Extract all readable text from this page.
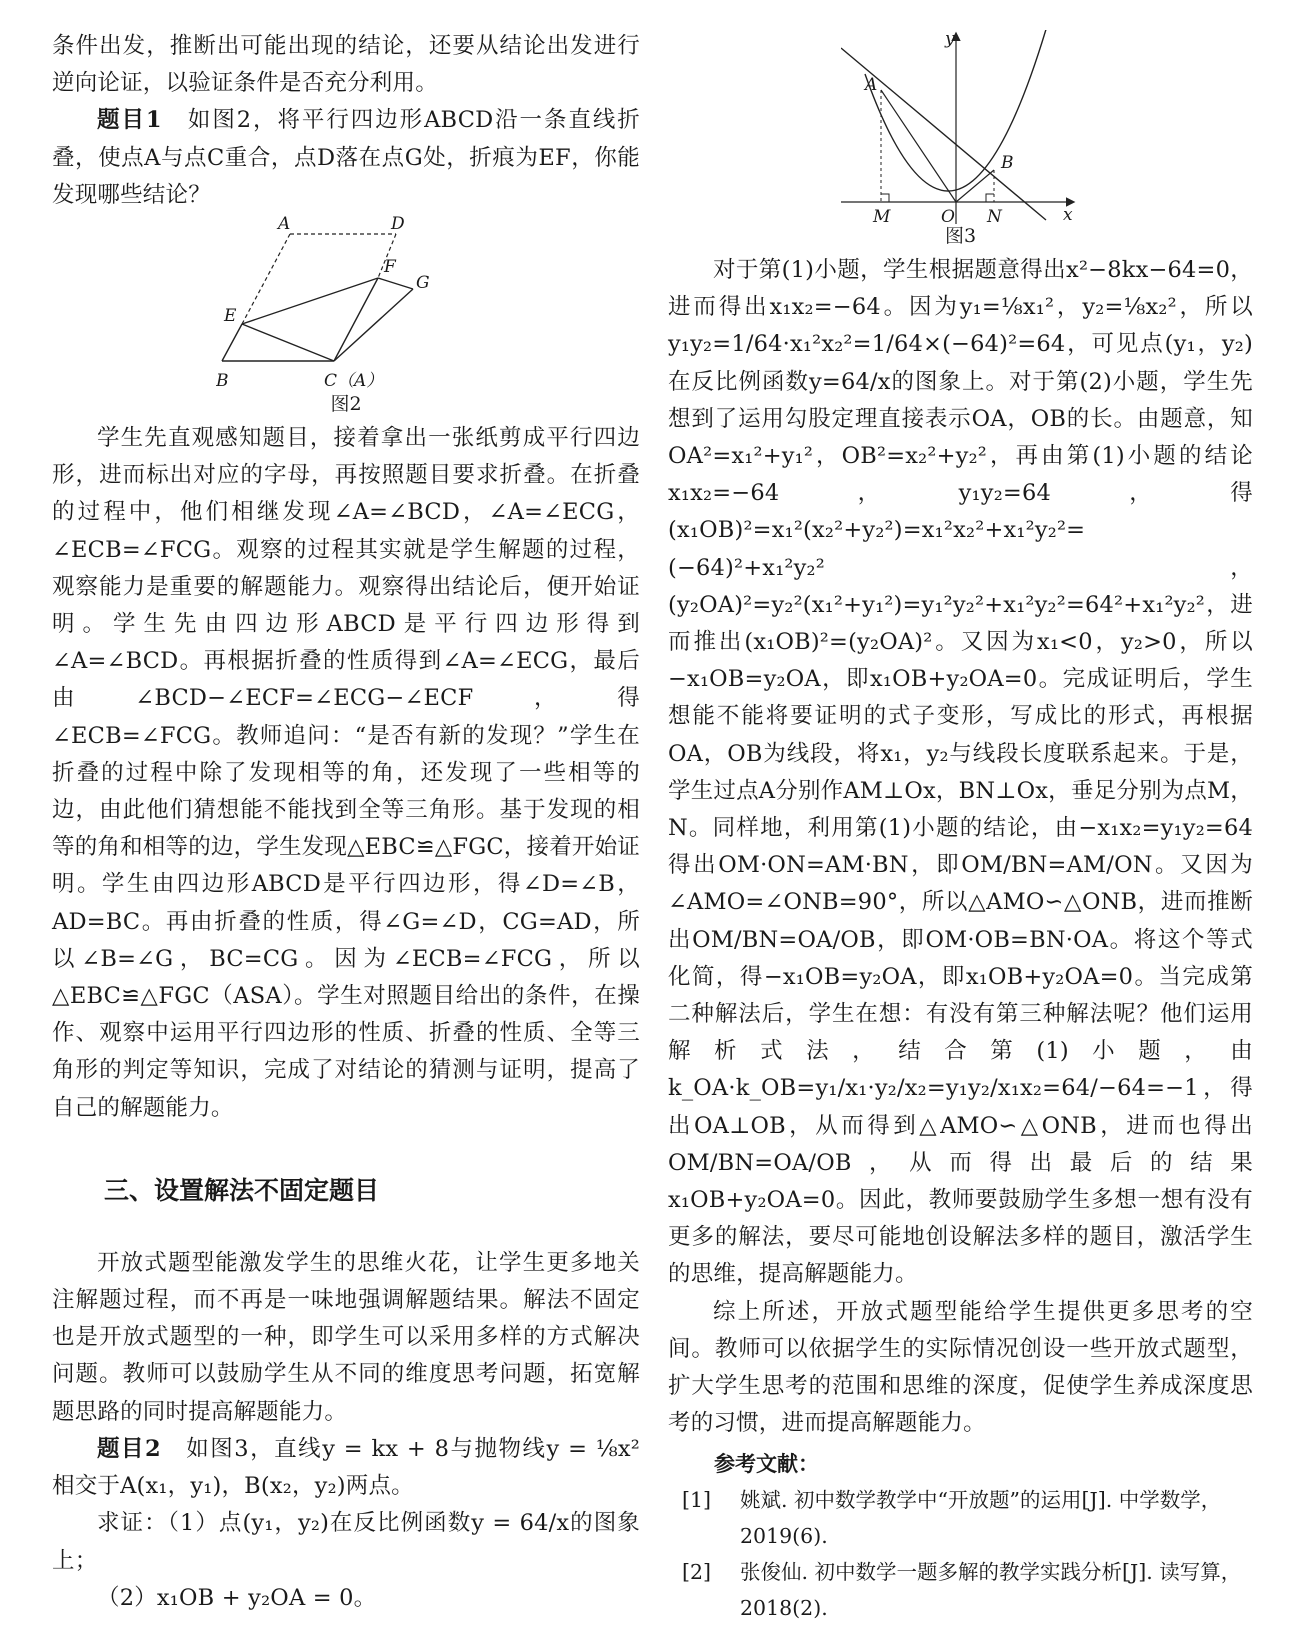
条件出发，推断出可能出现的结论，还要从结论出发进行逆向论证，以验证条件是否充分利用。

题目1　如图2，将平行四边形ABCD沿一条直线折叠，使点A与点C重合，点D落在点G处，折痕为EF，你能发现哪些结论？

A	D
F
G
E
B	C（A）
图2

学生先直观感知题目，接着拿出一张纸剪成平行四边形，进而标出对应的字母，再按照题目要求折叠。在折叠的过程中，他们相继发现∠A=∠BCD，∠A=∠ECG，∠ECB=∠FCG。观察的过程其实就是学生解题的过程，观察能力是重要的解题能力。观察得出结论后，便开始证明。学生先由四边形ABCD是平行四边形得到∠A=∠BCD。再根据折叠的性质得到∠A=∠ECG，最后由∠BCD−∠ECF=∠ECG−∠ECF，得∠ECB=∠FCG。教师追问：“是否有新的发现？”学生在折叠的过程中除了发现相等的角，还发现了一些相等的边，由此他们猜想能不能找到全等三角形。基于发现的相等的角和相等的边，学生发现△EBC≌△FGC，接着开始证明。学生由四边形ABCD是平行四边形，得∠D=∠B，AD=BC。再由折叠的性质，得∠G=∠D，CG=AD，所以∠B=∠G，BC=CG。因为∠ECB=∠FCG，所以△EBC≌△FGC（ASA）。学生对照题目给出的条件，在操作、观察中运用平行四边形的性质、折叠的性质、全等三角形的判定等知识，完成了对结论的猜测与证明，提高了自己的解题能力。

三、设置解法不固定题目

开放式题型能激发学生的思维火花，让学生更多地关注解题过程，而不再是一味地强调解题结果。解法不固定也是开放式题型的一种，即学生可以采用多样的方式解决问题。教师可以鼓励学生从不同的维度思考问题，拓宽解题思路的同时提高解题能力。

题目2　如图3，直线y = kx + 8与抛物线y = ⅛x² 相交于A(x₁，y₁)，B(x₂，y₂)两点。

求证：（1）点(y₁，y₂)在反比例函数y = 64/x的图象上；

（2）x₁OB + y₂OA = 0。

y
x
A
B
M	O N
图3

对于第(1)小题，学生根据题意得出x²−8kx−64=0，进而得出x₁x₂=−64。因为y₁=⅛x₁²，y₂=⅛x₂²，所以y₁y₂=1/64·x₁²x₂²=1/64×(−64)²=64，可见点(y₁，y₂)在反比例函数y=64/x的图象上。对于第(2)小题，学生先想到了运用勾股定理直接表示OA，OB的长。由题意，知OA²=x₁²+y₁²，OB²=x₂²+y₂²，再由第(1)小题的结论x₁x₂=−64，y₁y₂=64，得(x₁OB)²=x₁²(x₂²+y₂²)=x₁²x₂²+x₁²y₂²=(−64)²+x₁²y₂²，(y₂OA)²=y₂²(x₁²+y₁²)=y₁²y₂²+x₁²y₂²=64²+x₁²y₂²，进而推出(x₁OB)²=(y₂OA)²。又因为x₁<0，y₂>0，所以−x₁OB=y₂OA，即x₁OB+y₂OA=0。完成证明后，学生想能不能将要证明的式子变形，写成比的形式，再根据OA，OB为线段，将x₁，y₂与线段长度联系起来。于是，学生过点A分别作AM⊥Ox，BN⊥Ox，垂足分别为点M，N。同样地，利用第(1)小题的结论，由−x₁x₂=y₁y₂=64得出OM·ON=AM·BN，即OM/BN=AM/ON。又因为∠AMO=∠ONB=90°，所以△AMO∽△ONB，进而推断出OM/BN=OA/OB，即OM·OB=BN·OA。将这个等式化简，得−x₁OB=y₂OA，即x₁OB+y₂OA=0。当完成第二种解法后，学生在想：有没有第三种解法呢？他们运用解析式法，结合第(1)小题，由k_OA·k_OB=y₁/x₁·y₂/x₂=y₁y₂/x₁x₂=64/−64=−1，得出OA⊥OB，从而得到△AMO∽△ONB，进而也得出OM/BN=OA/OB，从而得出最后的结果x₁OB+y₂OA=0。因此，教师要鼓励学生多想一想有没有更多的解法，要尽可能地创设解法多样的题目，激活学生的思维，提高解题能力。

综上所述，开放式题型能给学生提供更多思考的空间。教师可以依据学生的实际情况创设一些开放式题型，扩大学生思考的范围和思维的深度，促使学生养成深度思考的习惯，进而提高解题能力。

参考文献：

[1] 姚斌. 初中数学教学中“开放题”的运用[J]. 中学数学，2019(6).

[2] 张俊仙. 初中数学一题多解的教学实践分析[J]. 读写算，2018(2).
